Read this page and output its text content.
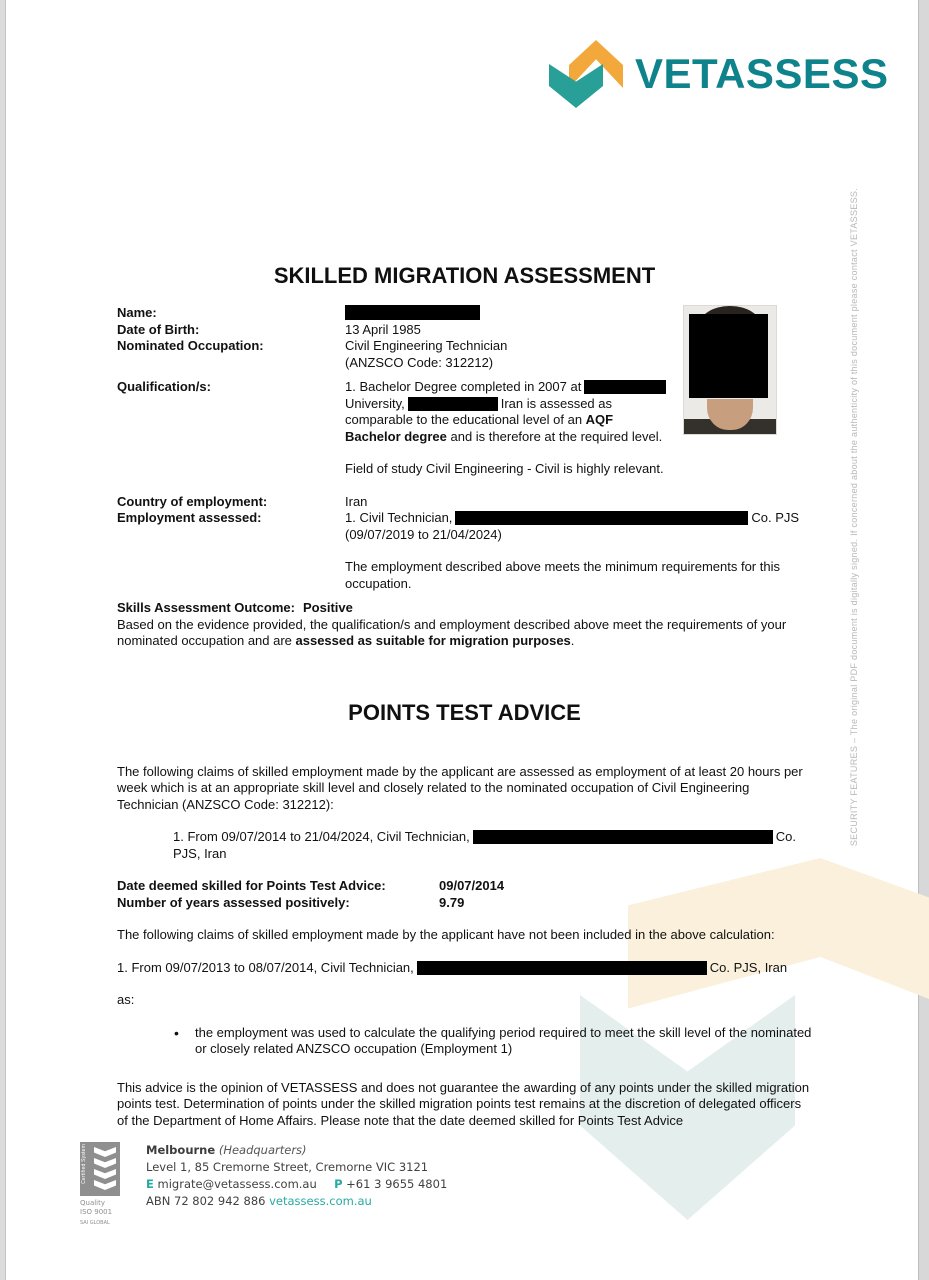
VETASSESS
SECURITY FEATURES – The original PDF document is digitally signed. If concerned about the authenticity of this document please contact VETASSESS.
SKILLED MIGRATION ASSESSMENT
Name:
Date of Birth:	13 April 1985
Nominated Occupation:	Civil Engineering Technician
(ANZSCO Code: 312212)
Qualification/s:	1. Bachelor Degree completed in 2007 at
University,	Iran is assessed as
comparable to the educational level of an AQF
Bachelor degree and is therefore at the required level.
Field of study Civil Engineering - Civil is highly relevant.
Country of employment:	Iran
Employment assessed:	1. Civil Technician,	Co. PJS
(09/07/2019 to 21/04/2024)
The employment described above meets the minimum requirements for this occupation.
Skills Assessment Outcome: Positive

Based on the evidence provided, the qualification/s and employment described above meet the requirements of your nominated occupation and are assessed as suitable for migration purposes.

POINTS TEST ADVICE

The following claims of skilled employment made by the applicant are assessed as employment of at least 20 hours per week which is at an appropriate skill level and closely related to the nominated occupation of Civil Engineering Technician (ANZSCO Code: 312212):

1. From 09/07/2014 to 21/04/2024, Civil Technician,	Co.
PJS, Iran
Date deemed skilled for Points Test Advice:	09/07/2014
Number of years assessed positively:	9.79

The following claims of skilled employment made by the applicant have not been included in the above calculation:

1. From 09/07/2013 to 08/07/2014, Civil Technician,	Co. PJS, Iran

as:

•	the employment was used to calculate the qualifying period required to meet the skill level of the nominated or closely related ANZSCO occupation (Employment 1)

This advice is the opinion of VETASSESS and does not guarantee the awarding of any points under the skilled migration points test. Determination of points under the skilled migration points test remains at the discretion of delegated officers of the Department of Home Affairs. Please note that the date deemed skilled for Points Test Advice

Certified System
Quality
ISO 9001
SAI GLOBAL
Melbourne (Headquarters)
Level 1, 85 Cremorne Street, Cremorne VIC 3121
E migrate@vetassess.com.au P +61 3 9655 4801
ABN 72 802 942 886 vetassess.com.au
